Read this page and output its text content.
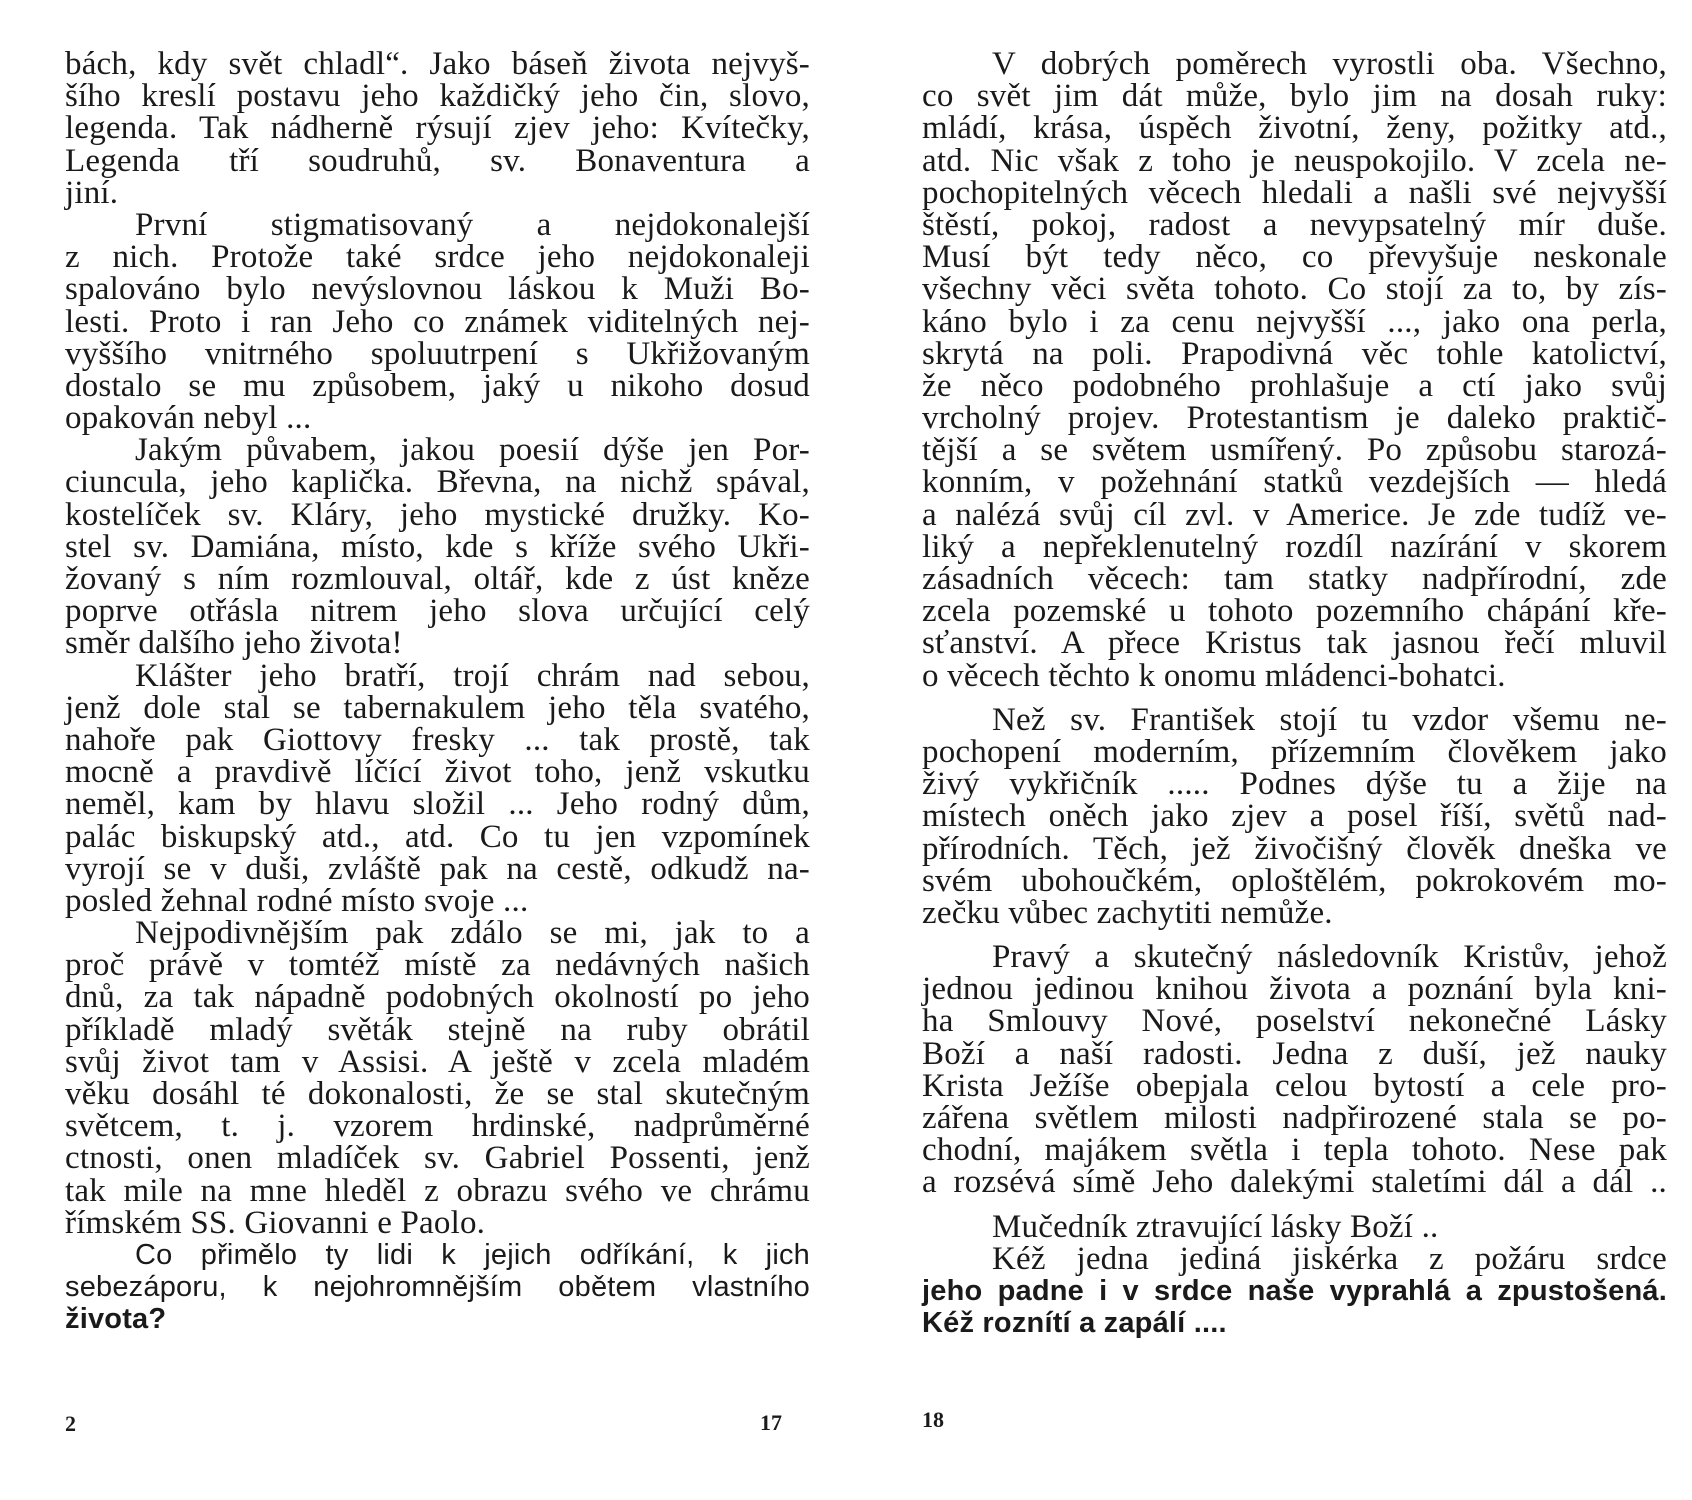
bách, kdy svět chladl“. Jako báseň života nejvyš-
šího kreslí postavu jeho každičký jeho čin, slovo,
legenda. Tak nádherně rýsují zjev jeho: Kvítečky,
Legenda tří soudruhů, sv. Bonaventura a
jiní.
První stigmatisovaný a nejdokonalejší
z nich. Protože také srdce jeho nejdokonaleji
spalováno bylo nevýslovnou láskou k Muži Bo-
lesti. Proto i ran Jeho co známek viditelných nej-
vyššího vnitrného spoluutrpení s Ukřižovaným
dostalo se mu způsobem, jaký u nikoho dosud
opakován nebyl ...
Jakým půvabem, jakou poesií dýše jen Por-
ciuncula, jeho kaplička. Břevna, na nichž spával,
kostelíček sv. Kláry, jeho mystické družky. Ko-
stel sv. Damiána, místo, kde s kříže svého Ukři-
žovaný s ním rozmlouval, oltář, kde z úst kněze
poprve otřásla nitrem jeho slova určující celý
směr dalšího jeho života!
Klášter jeho bratří, trojí chrám nad sebou,
jenž dole stal se tabernakulem jeho těla svatého,
nahoře pak Giottovy fresky ... tak prostě, tak
mocně a pravdivě líčící život toho, jenž vskutku
neměl, kam by hlavu složil ... Jeho rodný dům,
palác biskupský atd., atd. Co tu jen vzpomínek
vyrojí se v duši, zvláště pak na cestě, odkudž na-
posled žehnal rodné místo svoje ...
Nejpodivnějším pak zdálo se mi, jak to a
proč právě v tomtéž místě za nedávných našich
dnů, za tak nápadně podobných okolností po jeho
příkladě mladý světák stejně na ruby obrátil
svůj život tam v Assisi. A ještě v zcela mladém
věku dosáhl té dokonalosti, že se stal skutečným
světcem, t. j. vzorem hrdinské, nadprůměrné
ctnosti, onen mladíček sv. Gabriel Possenti, jenž
tak mile na mne hleděl z obrazu svého ve chrámu
římském SS. Giovanni e Paolo.
Co přimělo ty lidi k jejich odříkání, k jich
sebezáporu, k nejohromnějším obětem vlastního
života?
2	17
V dobrých poměrech vyrostli oba. Všechno,
co svět jim dát může, bylo jim na dosah ruky:
mládí, krása, úspěch životní, ženy, požitky atd.,
atd. Nic však z toho je neuspokojilo. V zcela ne-
pochopitelných věcech hledali a našli své nejvyšší
štěstí, pokoj, radost a nevypsatelný mír duše.
Musí být tedy něco, co převyšuje neskonale
všechny věci světa tohoto. Co stojí za to, by zís-
káno bylo i za cenu nejvyšší ..., jako ona perla,
skrytá na poli. Prapodivná věc tohle katolictví,
že něco podobného prohlašuje a ctí jako svůj
vrcholný projev. Protestantism je daleko praktič-
tější a se světem usmířený. Po způsobu starozá-
konním, v požehnání statků vezdejších — hledá
a nalézá svůj cíl zvl. v Americe. Je zde tudíž ve-
liký a nepřeklenutelný rozdíl nazírání v skorem
zásadních věcech: tam statky nadpřírodní, zde
zcela pozemské u tohoto pozemního chápání kře-
sťanství. A přece Kristus tak jasnou řečí mluvil
o věcech těchto k onomu mládenci-bohatci.
Než sv. František stojí tu vzdor všemu ne-
pochopení moderním, přízemním člověkem jako
živý vykřičník ..... Podnes dýše tu a žije na
místech oněch jako zjev a posel říší, světů nad-
přírodních. Těch, jež živočišný člověk dneška ve
svém ubohoučkém, oploštělém, pokrokovém mo-
zečku vůbec zachytiti nemůže.
Pravý a skutečný následovník Kristův, jehož
jednou jedinou knihou života a poznání byla kni-
ha Smlouvy Nové, poselství nekonečné Lásky
Boží a naší radosti. Jedna z duší, jež nauky
Krista Ježíše obepjala celou bytostí a cele pro-
zářena světlem milosti nadpřirozené stala se po-
chodní, majákem světla i tepla tohoto. Nese pak
a rozsévá símě Jeho dalekými staletími dál a dál ..
Mučedník ztravující lásky Boží ..
Kéž jedna jediná jiskérka z požáru srdce
jeho padne i v srdce naše vyprahlá a zpustošená.
Kéž roznítí a zapálí ....
18
